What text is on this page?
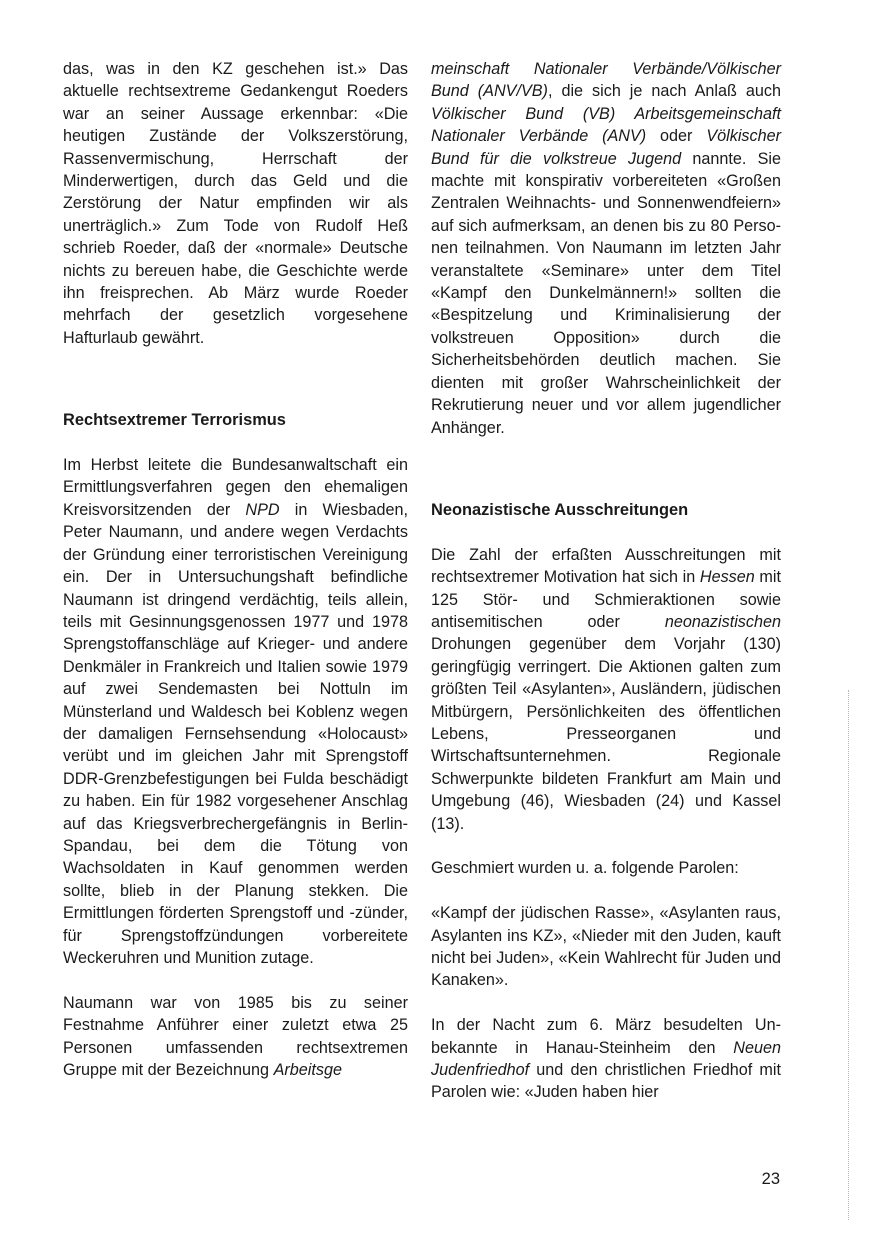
das, was in den KZ geschehen ist.» Das aktuelle rechtsextreme Gedankengut Roeders war an seiner Aussage erkennbar: «Die heutigen Zustände der Volkszerstörung, Rassenvermischung, Herrschaft der Minderwertigen, durch das Geld und die Zerstörung der Natur empfinden wir als unerträglich.» Zum Tode von Rudolf Heß schrieb Roeder, daß der «normale» Deutsche nichts zu bereuen habe, die Geschichte werde ihn freisprechen. Ab März wurde Roeder mehrfach der gesetzlich vorgesehene Hafturlaub gewährt.

Rechtsextremer Terrorismus

Im Herbst leitete die Bundesanwaltschaft ein Ermittlungsverfahren gegen den ehemaligen Kreisvorsitzenden der NPD in Wiesbaden, Peter Naumann, und andere wegen Verdachts der Gründung einer terroristischen Vereinigung ein. Der in Untersuchungshaft befindliche Naumann ist dringend verdächtig, teils allein, teils mit Gesinnungsgenossen 1977 und 1978 Sprengstoffanschläge auf Krieger- und andere Denkmäler in Frankreich und Italien sowie 1979 auf zwei Sendemasten bei Nottuln im Münsterland und Waldesch bei Koblenz wegen der damaligen Fernsehsendung «Holocaust» verübt und im gleichen Jahr mit Sprengstoff DDR-Grenzbefestigungen bei Fulda beschädigt zu haben. Ein für 1982 vorgesehener Anschlag auf das Kriegsverbrechergefängnis in Berlin-Spandau, bei dem die Tötung von Wachsoldaten in Kauf genommen werden sollte, blieb in der Planung stekken. Die Ermittlungen förderten Sprengstoff und -zünder, für Sprengstoffzündungen vorbereitete Weckeruhren und Munition zutage.

Naumann war von 1985 bis zu seiner Festnahme Anführer einer zuletzt etwa 25 Personen umfassenden rechtsextremen Gruppe mit der Bezeichnung Arbeitsge

meinschaft Nationaler Verbände/Völkischer Bund (ANV/VB), die sich je nach Anlaß auch Völkischer Bund (VB) Arbeitsgemeinschaft Nationaler Verbände (ANV) oder Völkischer Bund für die volkstreue Jugend nannte. Sie machte mit konspirativ vorbereiteten «Großen Zentralen Weihnachts- und Sonnenwendfeiern» auf sich aufmerksam, an denen bis zu 80 Personen teilnahmen. Von Naumann im letzten Jahr veranstaltete «Seminare» unter dem Titel «Kampf den Dunkelmännern!» sollten die «Bespitzelung und Kriminalisierung der volkstreuen Opposition» durch die Sicherheitsbehörden deutlich machen. Sie dienten mit großer Wahrscheinlichkeit der Rekrutierung neuer und vor allem jugendlicher Anhänger.

Neonazistische Ausschreitungen

Die Zahl der erfaßten Ausschreitungen mit rechtsextremer Motivation hat sich in Hessen mit 125 Stör- und Schmieraktionen sowie antisemitischen oder neonazistischen Drohungen gegenüber dem Vorjahr (130) geringfügig verringert. Die Aktionen galten zum größten Teil «Asylanten», Ausländern, jüdischen Mitbürgern, Persönlichkeiten des öffentlichen Lebens, Presseorganen und Wirtschaftsunternehmen. Regionale Schwerpunkte bildeten Frankfurt am Main und Umgebung (46), Wiesbaden (24) und Kassel (13).

Geschmiert wurden u. a. folgende Parolen:

«Kampf der jüdischen Rasse», «Asylanten raus, Asylanten ins KZ», «Nieder mit den Juden, kauft nicht bei Juden», «Kein Wahlrecht für Juden und Kanaken».

In der Nacht zum 6. März besudelten Unbekannte in Hanau-Steinheim den Neuen Judenfriedhof und den christlichen Friedhof mit Parolen wie: «Juden haben hier

23
